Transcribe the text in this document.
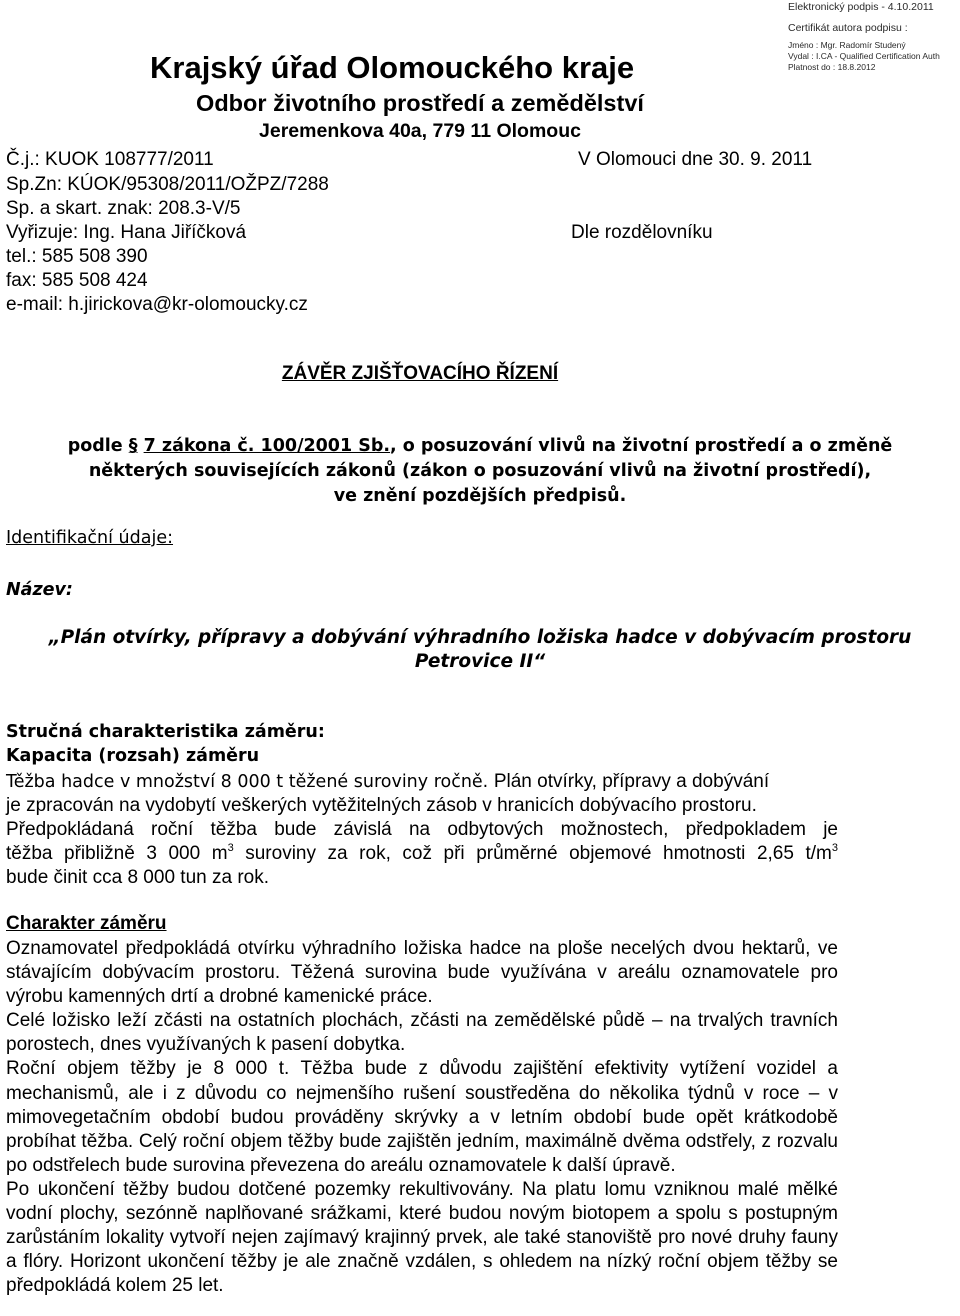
Elektronický podpis - 4.10.2011
Certifikát autora podpisu :
Jméno : Mgr. Radomír Studený
Vydal : I.CA - Qualified Certification Auth
Platnost do : 18.8.2012
Krajský úřad Olomouckého kraje
Odbor životního prostředí a zemědělství
Jeremenkova 40a, 779 11 Olomouc
Č.j.: KUOK 108777/2011	V Olomouci dne 30. 9. 2011
Sp.Zn: KÚOK/95308/2011/OŽPZ/7288
Sp. a skart. znak: 208.3-V/5
Vyřizuje: Ing. Hana Jiříčková	Dle rozdělovníku
tel.: 585 508 390
fax: 585 508 424
e-mail: h.jirickova@kr-olomoucky.cz
ZÁVĚR ZJIŠŤOVACÍHO ŘÍZENÍ
podle § 7 zákona č. 100/2001 Sb., o posuzování vlivů na životní prostředí a o změně
některých souvisejících zákonů (zákon o posuzování vlivů na životní prostředí),
ve znění pozdějších předpisů.
Identifikační údaje:
Název:
„Plán otvírky, přípravy a dobývání výhradního ložiska hadce v dobývacím prostoru
Petrovice II“
Stručná charakteristika záměru:
Kapacita (rozsah) záměru
Těžba hadce v množství 8 000 t těžené suroviny ročně. Plán otvírky, přípravy a dobývání

je zpracován na vydobytí veškerých vytěžitelných zásob v hranicích dobývacího prostoru.

Předpokládaná roční těžba bude závislá na odbytových možnostech, předpokladem je

těžba přibližně 3 000 $m^3$ suroviny za rok, což při průměrné objemové hmotnosti 2,65 $t/m^3$

bude činit cca 8 000 tun za rok.

Charakter záměru

Oznamovatel předpokládá otvírku výhradního ložiska hadce na ploše necelých dvou hektarů, ve stávajícím dobývacím prostoru. Těžená surovina bude využívána v areálu oznamovatele pro výrobu kamenných drtí a drobné kamenické práce.

Celé ložisko leží zčásti na ostatních plochách, zčásti na zemědělské půdě – na trvalých travních porostech, dnes využívaných k pasení dobytka.

Roční objem těžby je 8 000 t. Těžba bude z důvodu zajištění efektivity vytížení vozidel a mechanismů, ale i z důvodu co nejmenšího rušení soustředěna do několika týdnů v roce – v mimovegetačním období budou prováděny skrývky a v letním období bude opět krátkodobě probíhat těžba. Celý roční objem těžby bude zajištěn jedním, maximálně dvěma odstřely, z rozvalu po odstřelech bude surovina převezena do areálu oznamovatele k další úpravě.

Po ukončení těžby budou dotčené pozemky rekultivovány. Na platu lomu vzniknou malé mělké vodní plochy, sezónně naplňované srážkami, které budou novým biotopem a spolu s postupným zarůstáním lokality vytvoří nejen zajímavý krajinný prvek, ale také stanoviště pro nové druhy fauny a flóry. Horizont ukončení těžby je ale značně vzdálen, s ohledem na nízký roční objem těžby se předpokládá kolem 25 let.
